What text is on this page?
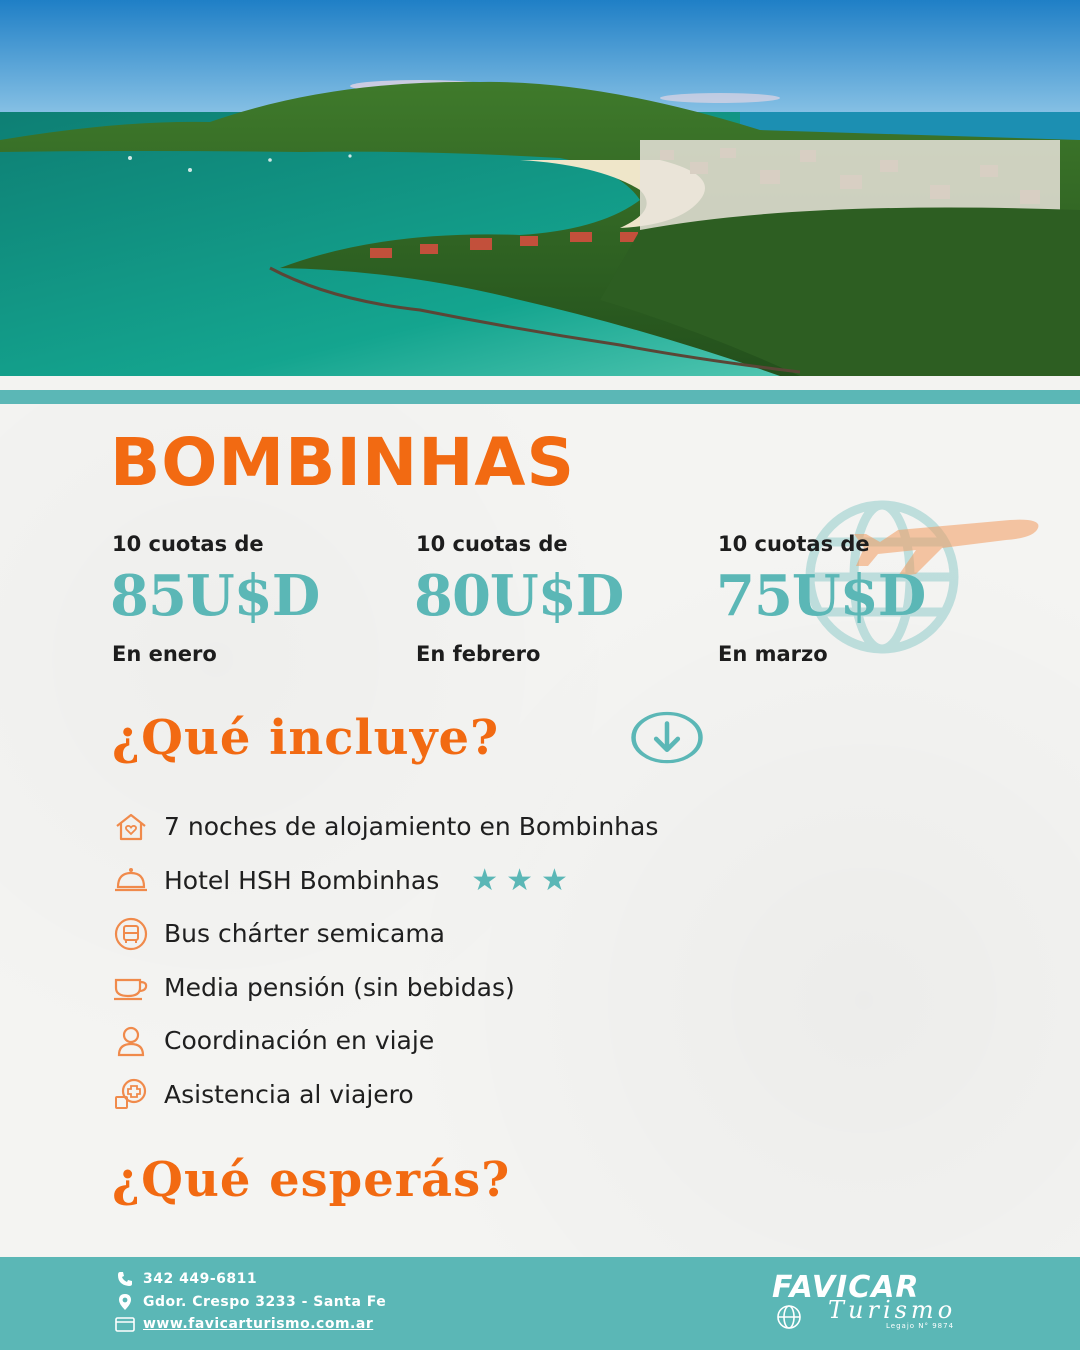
BOMBINHAS

10 cuotas de

85U$D

En enero

10 cuotas de

80U$D

En febrero

10 cuotas de

75U$D

En marzo

¿Qué incluye?
7 noches de alojamiento en Bombinhas
Hotel HSH Bombinhas ★★★
Bus chárter semicama
Media pensión (sin bebidas)
Coordinación en viaje
Asistencia al viajero
¿Qué esperás?
342 449-6811
Gdor. Crespo 3233 - Santa Fe
www.favicarturismo.com.ar
FAVICAR
Turismo
Legajo N° 9874
